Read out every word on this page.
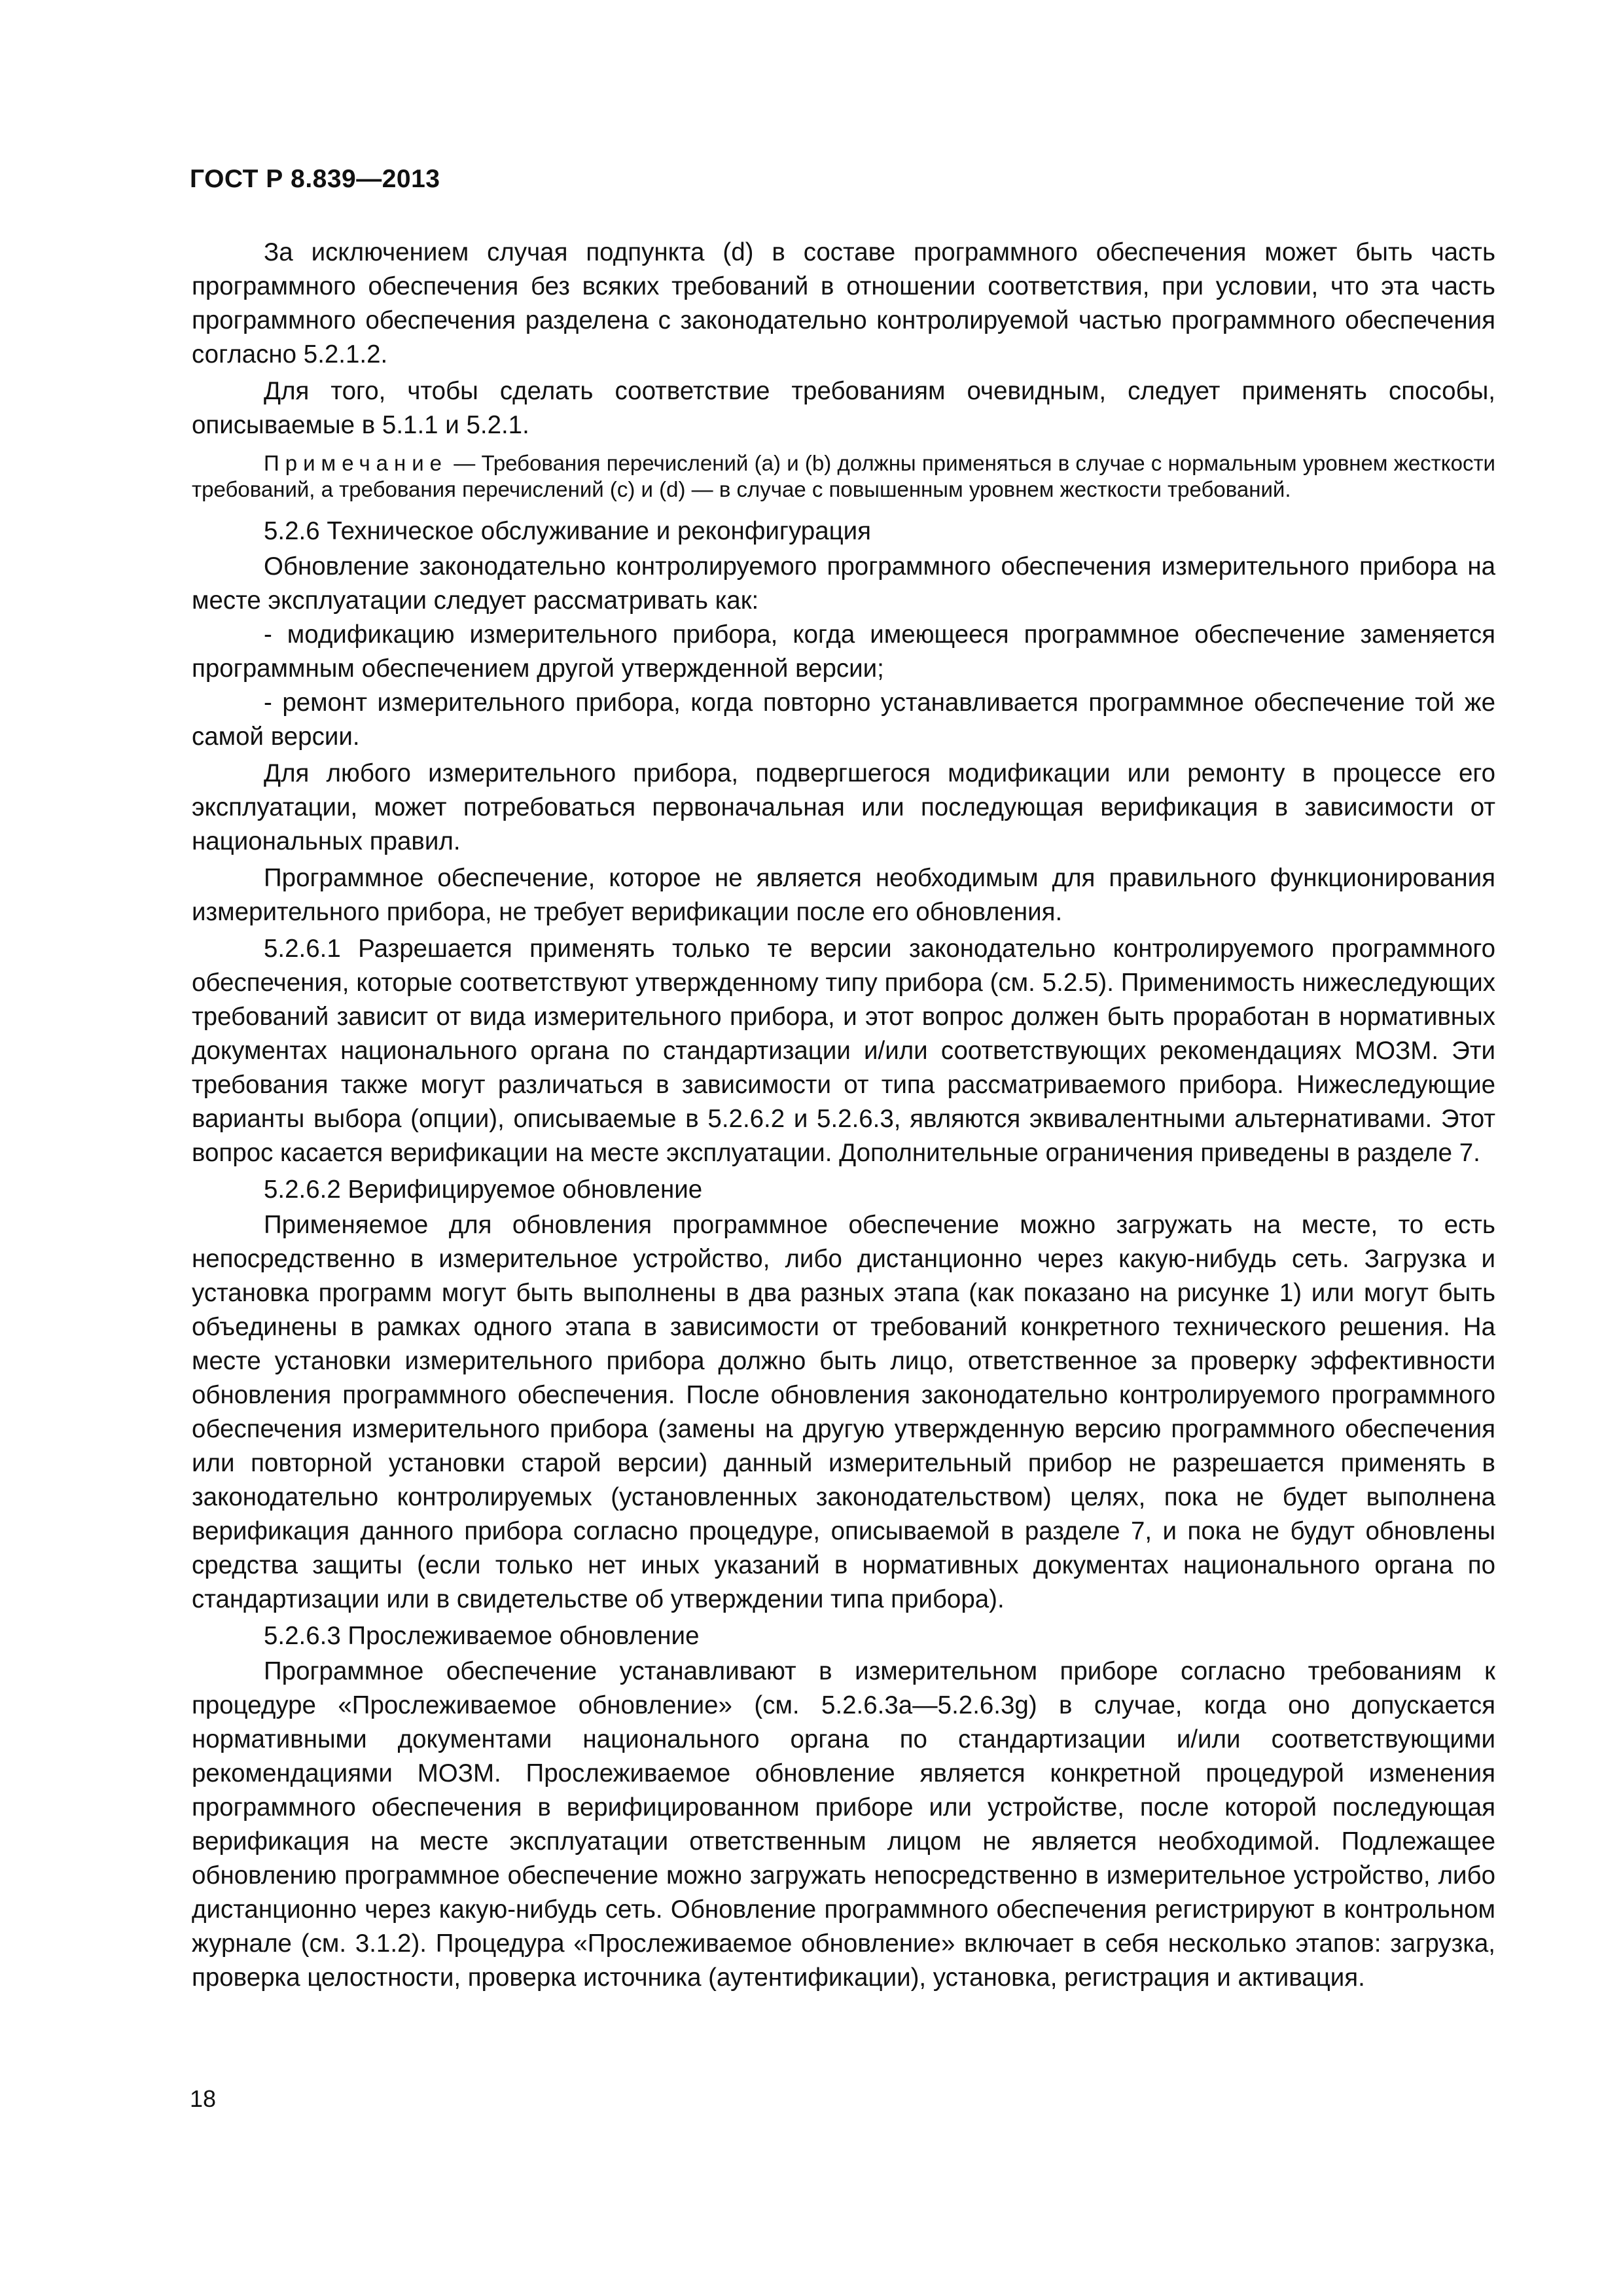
ГОСТ Р 8.839—2013

За исключением случая подпункта (d) в составе программного обеспечения может быть часть программного обеспечения без всяких требований в отношении соответствия, при условии, что эта часть программного обеспечения разделена с законодательно контролируемой частью программного обеспечения согласно 5.2.1.2.

Для того, чтобы сделать соответствие требованиям очевидным, следует применять способы, описываемые в 5.1.1 и 5.2.1.

Примечание — Требования перечислений (a) и (b) должны применяться в случае с нормальным уровнем жесткости требований, а требования перечислений (c) и (d) — в случае с повышенным уровнем жесткости требований.

5.2.6 Техническое обслуживание и реконфигурация

Обновление законодательно контролируемого программного обеспечения измерительного прибора на месте эксплуатации следует рассматривать как:

- модификацию измерительного прибора, когда имеющееся программное обеспечение заменяется программным обеспечением другой утвержденной версии;

- ремонт измерительного прибора, когда повторно устанавливается программное обеспечение той же самой версии.

Для любого измерительного прибора, подвергшегося модификации или ремонту в процессе его эксплуатации, может потребоваться первоначальная или последующая верификация в зависимости от национальных правил.

Программное обеспечение, которое не является необходимым для правильного функционирования измерительного прибора, не требует верификации после его обновления.

5.2.6.1 Разрешается применять только те версии законодательно контролируемого программного обеспечения, которые соответствуют утвержденному типу прибора (см. 5.2.5). Применимость нижеследующих требований зависит от вида измерительного прибора, и этот вопрос должен быть проработан в нормативных документах национального органа по стандартизации и/или соответствующих рекомендациях МОЗМ. Эти требования также могут различаться в зависимости от типа рассматриваемого прибора. Нижеследующие варианты выбора (опции), описываемые в 5.2.6.2 и 5.2.6.3, являются эквивалентными альтернативами. Этот вопрос касается верификации на месте эксплуатации. Дополнительные ограничения приведены в разделе 7.

5.2.6.2 Верифицируемое обновление

Применяемое для обновления программное обеспечение можно загружать на месте, то есть непосредственно в измерительное устройство, либо дистанционно через какую-нибудь сеть. Загрузка и установка программ могут быть выполнены в два разных этапа (как показано на рисунке 1) или могут быть объединены в рамках одного этапа в зависимости от требований конкретного технического решения. На месте установки измерительного прибора должно быть лицо, ответственное за проверку эффективности обновления программного обеспечения. После обновления законодательно контролируемого программного обеспечения измерительного прибора (замены на другую утвержденную версию программного обеспечения или повторной установки старой версии) данный измерительный прибор не разрешается применять в законодательно контролируемых (установленных законодательством) целях, пока не будет выполнена верификация данного прибора согласно процедуре, описываемой в разделе 7, и пока не будут обновлены средства защиты (если только нет иных указаний в нормативных документах национального органа по стандартизации или в свидетельстве об утверждении типа прибора).

5.2.6.3 Прослеживаемое обновление

Программное обеспечение устанавливают в измерительном приборе согласно требованиям к процедуре «Прослеживаемое обновление» (см. 5.2.6.3a—5.2.6.3g) в случае, когда оно допускается нормативными документами национального органа по стандартизации и/или соответствующими рекомендациями МОЗМ. Прослеживаемое обновление является конкретной процедурой изменения программного обеспечения в верифицированном приборе или устройстве, после которой последующая верификация на месте эксплуатации ответственным лицом не является необходимой. Подлежащее обновлению программное обеспечение можно загружать непосредственно в измерительное устройство, либо дистанционно через какую-нибудь сеть. Обновление программного обеспечения регистрируют в контрольном журнале (см. 3.1.2). Процедура «Прослеживаемое обновление» включает в себя несколько этапов: загрузка, проверка целостности, проверка источника (аутентификации), установка, регистрация и активация.

18
